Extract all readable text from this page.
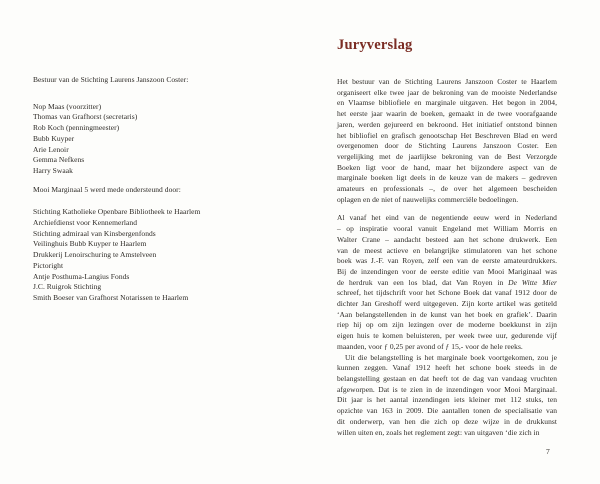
Bestuur van de Stichting Laurens Janszoon Coster:
Nop Maas (voorzitter)
Thomas van Grafhorst (secretaris)
Rob Koch (penningmeester)
Bubb Kuyper
Arie Lenoir
Gemma Nefkens
Harry Swaak
Mooi Marginaal 5 werd mede ondersteund door:
Stichting Katholieke Openbare Bibliotheek te Haarlem
Archiefdienst voor Kennemerland
Stichting admiraal van Kinsbergenfonds
Veilinghuis Bubb Kuyper te Haarlem
Drukkerij Lenoirschuring te Amstelveen
Pictoright
Antje Posthuma-Langius Fonds
J.C. Ruigrok Stichting
Smith Boeser van Grafhorst Notarissen te Haarlem
Juryverslag
Het bestuur van de Stichting Laurens Janszoon Coster te Haarlem
organiseert elke twee jaar de bekroning van de mooiste Nederlandse
en Vlaamse bibliofiele en marginale uitgaven. Het begon in 2004,
het eerste jaar waarin de boeken, gemaakt in de twee voorafgaande
jaren, werden gejureerd en bekroond. Het initiatief ontstond binnen
het bibliofiel en grafisch genootschap Het Beschreven Blad en werd
overgenomen door de Stichting Laurens Janszoon Coster. Een
vergelijking met de jaarlijkse bekroning van de Best Verzorgde
Boeken ligt voor de hand, maar het bijzondere aspect van de
marginale boeken ligt deels in de keuze van de makers – gedreven
amateurs en professionals –, de over het algemeen bescheiden
oplagen en de niet of nauwelijks commerciële bedoelingen.
Al vanaf het eind van de negentiende eeuw werd in Nederland
– op inspiratie vooral vanuit Engeland met William Morris en
Walter Crane – aandacht besteed aan het schone drukwerk. Een
van de meest actieve en belangrijke stimulatoren van het schone
boek was J.-F. van Royen, zelf een van de eerste amateurdrukkers.
Bij de inzendingen voor de eerste editie van Mooi Mariginaal was
de herdruk van een los blad, dat Van Royen in De Witte Mier
schreef, het tijdschrift voor het Schone Boek dat vanaf 1912 door de
dichter Jan Greshoff werd uitgegeven. Zijn korte artikel was getiteld
‘Aan belangstellenden in de kunst van het boek en grafiek’. Daarin
riep hij op om zijn lezingen over de moderne boekkunst in zijn
eigen huis te komen beluisteren, per week twee uur, gedurende vijf
maanden, voor ƒ 0,25 per avond of ƒ 15,- voor de hele reeks.
Uit die belangstelling is het marginale boek voortgekomen, zou je
kunnen zeggen. Vanaf 1912 heeft het schone boek steeds in de
belangstelling gestaan en dat heeft tot de dag van vandaag vruchten
afgeworpen. Dat is te zien in de inzendingen voor Mooi Marginaal.
Dit jaar is het aantal inzendingen iets kleiner met 112 stuks, ten
opzichte van 163 in 2009. Die aantallen tonen de specialisatie van
dit onderwerp, van hen die zich op deze wijze in de drukkunst
willen uiten en, zoals het reglement zegt: van uitgaven ‘die zich in
7
